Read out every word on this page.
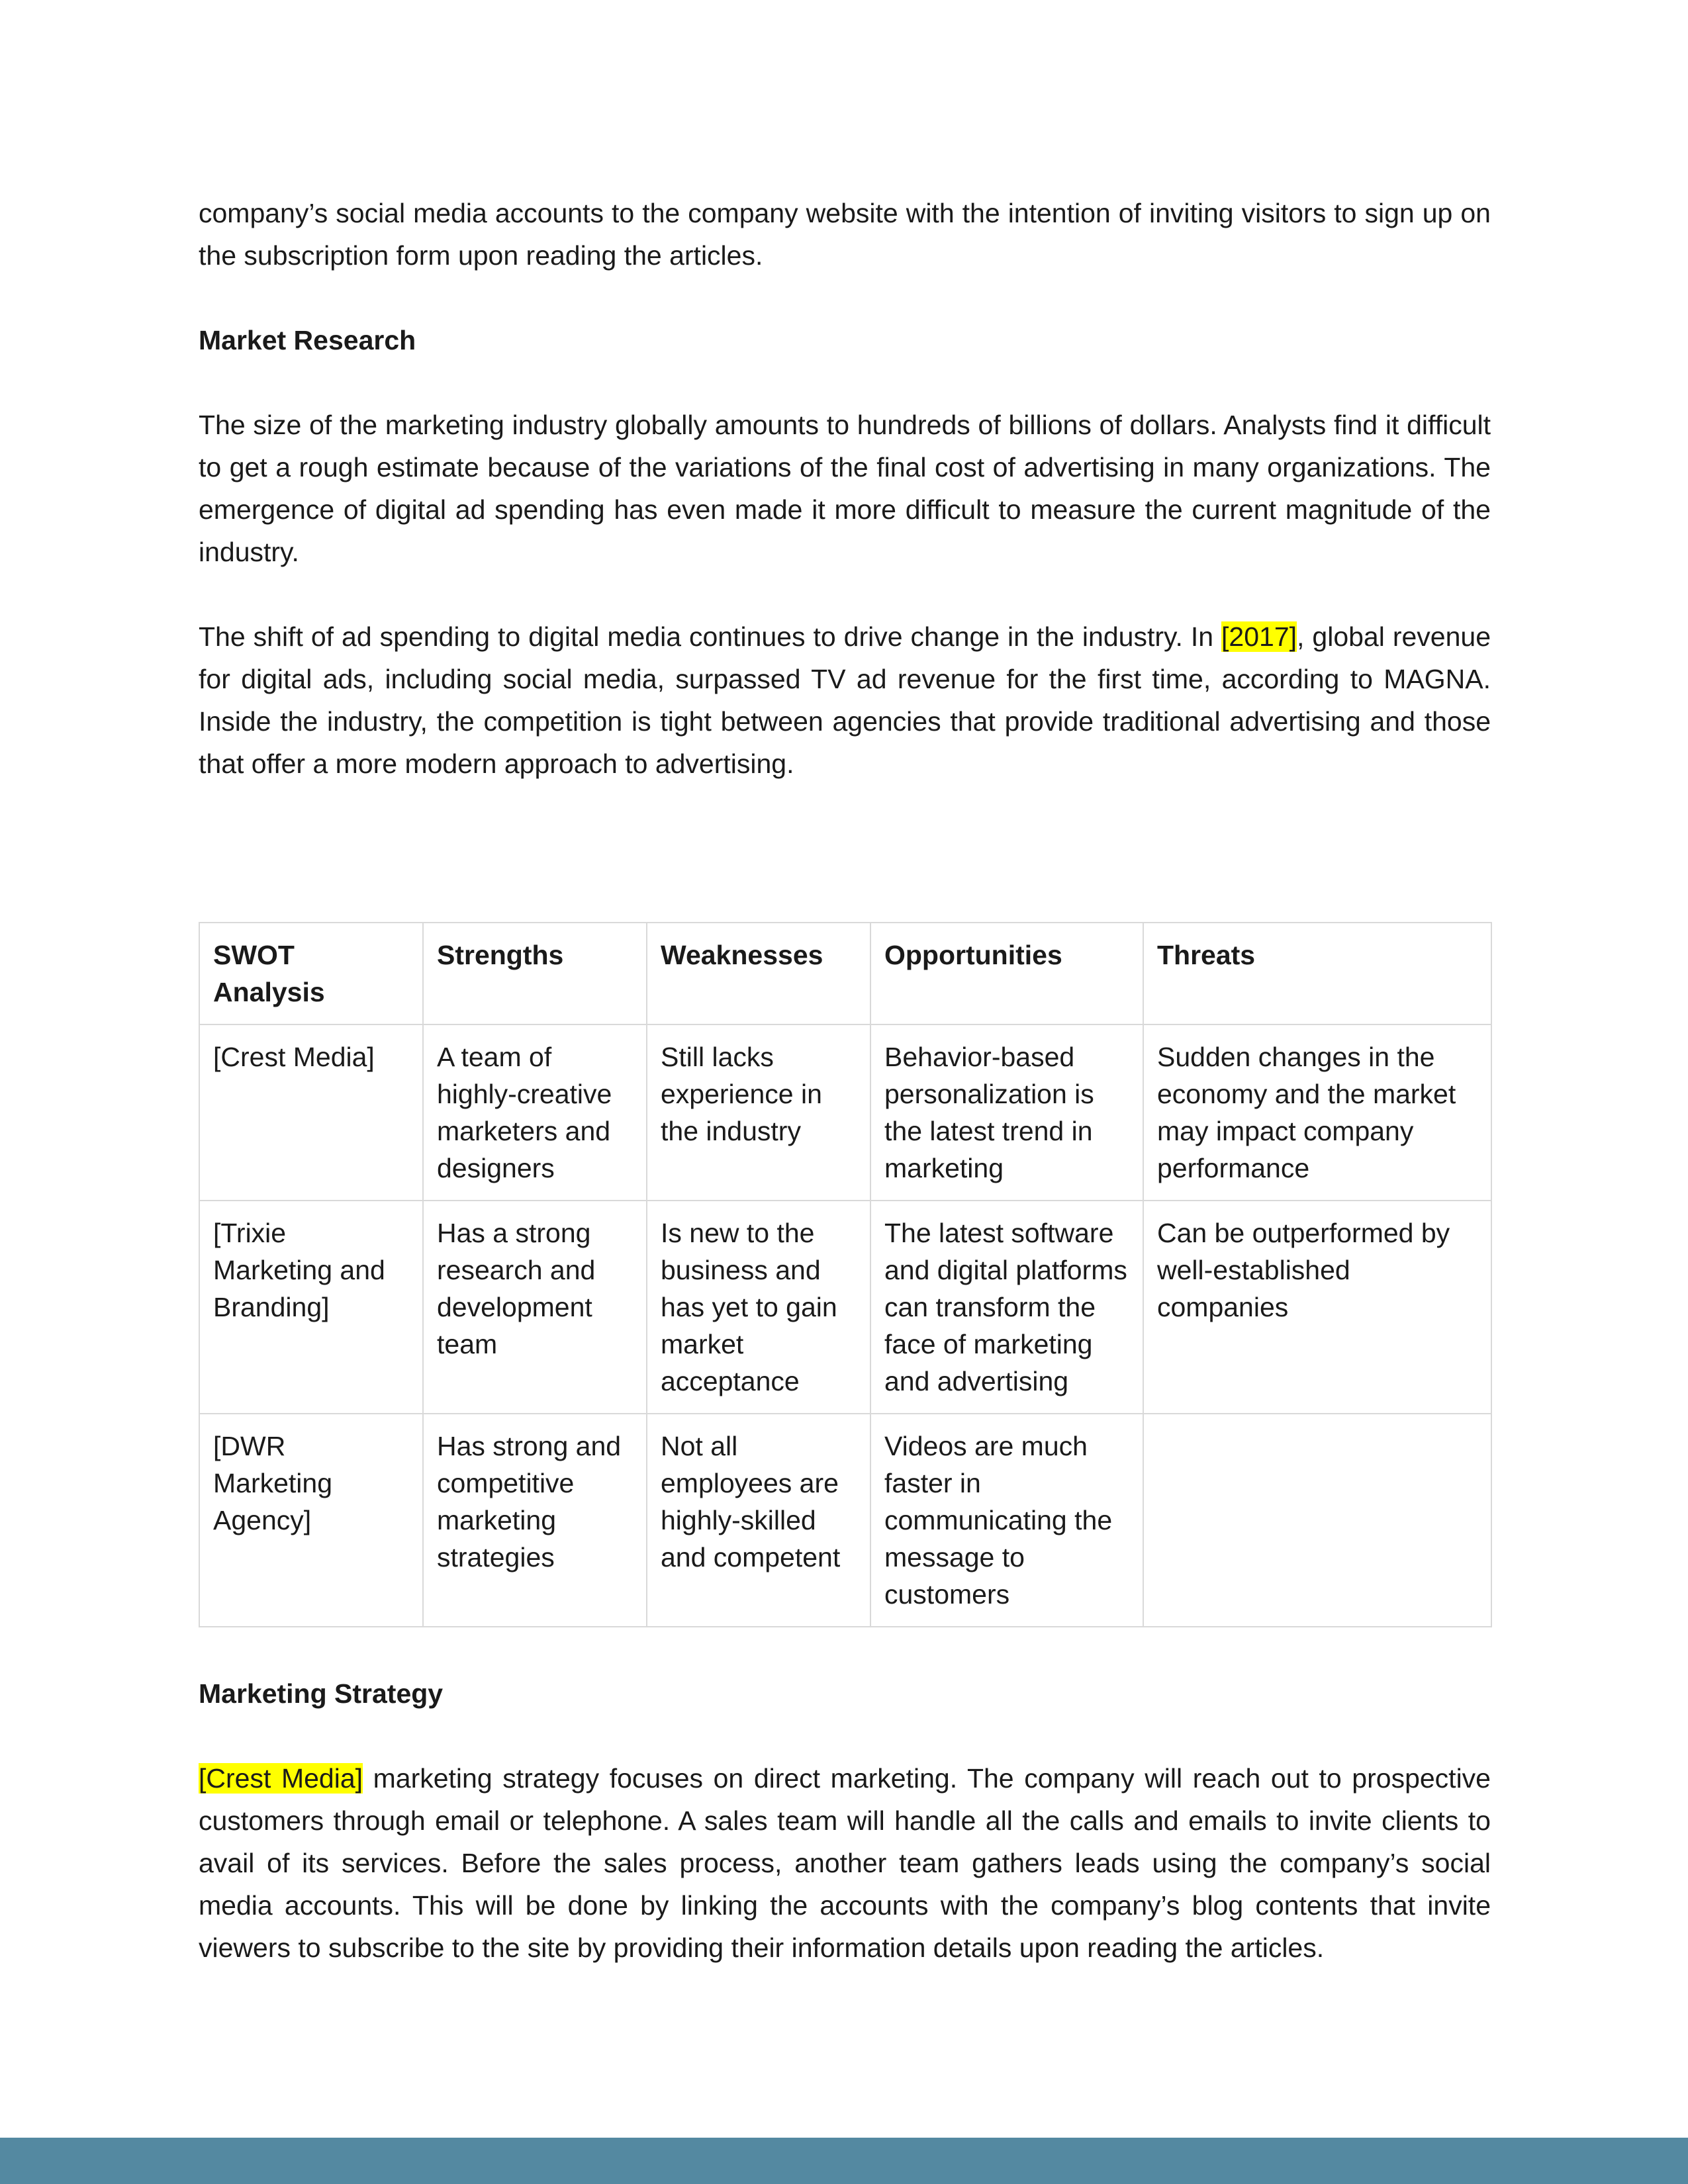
company’s social media accounts to the company website with the intention of inviting visitors to sign up on the subscription form upon reading the articles.

Market Research

The size of the marketing industry globally amounts to hundreds of billions of dollars. Analysts find it difficult to get a rough estimate because of the variations of the final cost of advertising in many organizations. The emergence of digital ad spending has even made it more difficult to measure the current magnitude of the industry.

The shift of ad spending to digital media continues to drive change in the industry. In [2017], global revenue for digital ads, including social media, surpassed TV ad revenue for the first time, according to MAGNA. Inside the industry, the competition is tight between agencies that provide traditional advertising and those that offer a more modern approach to advertising.

SWOT Analysis	Strengths	Weaknesses	Opportunities	Threats
[Crest Media]	A team of highly-creative marketers and designers	Still lacks experience in the industry	Behavior-based personalization is the latest trend in marketing	Sudden changes in the economy and the market may impact company performance
[Trixie Marketing and Branding]	Has a strong research and development team	Is new to the business and has yet to gain market acceptance	The latest software and digital platforms can transform the face of marketing and advertising	Can be outperformed by well-established companies
[DWR Marketing Agency]	Has strong and competitive marketing strategies	Not all employees are highly-skilled and competent	Videos are much faster in communicating the message to customers	
Marketing Strategy

[Crest Media] marketing strategy focuses on direct marketing. The company will reach out to prospective customers through email or telephone. A sales team will handle all the calls and emails to invite clients to avail of its services. Before the sales process, another team gathers leads using the company’s social media accounts. This will be done by linking the accounts with the company’s blog contents that invite viewers to subscribe to the site by providing their information details upon reading the articles.
